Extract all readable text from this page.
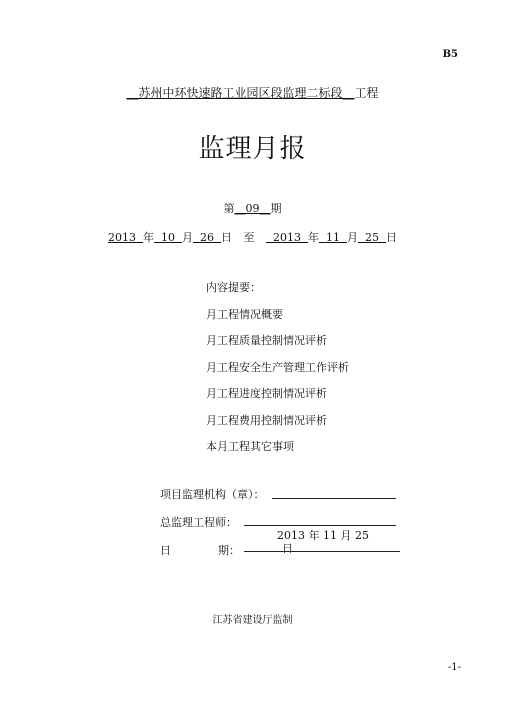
B5
__苏州中环快速路工业园区段监理二标段__工程
监理月报
第__09__期
2013  年  10  月  26  日 至   2013  年  11  月  25  日
内容提要：
月工程情况概要
月工程质量控制情况评析
月工程安全生产管理工作评析
月工程进度控制情况评析
月工程费用控制情况评析
本月工程其它事项
项目监理机构（章）：
总监理工程师：
日	期：
2013 年 11 月 25
日
江苏省建设厅监制
-1-
